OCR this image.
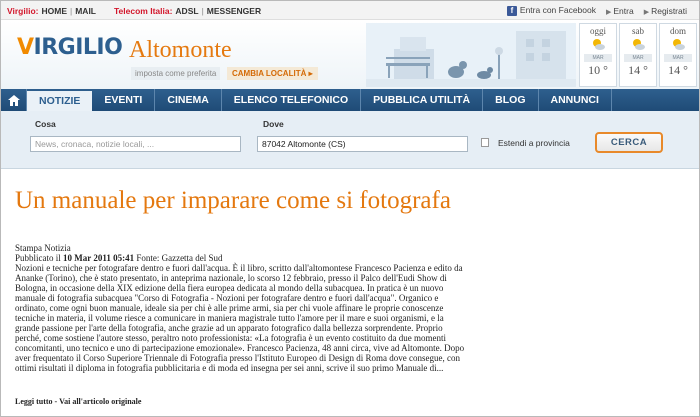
Virgilio: HOME | MAIL Telecom Italia: ADSL | MESSENGER	f Entra con Facebook ▶ Entra ▶ Registrati
VIRGILIO Altomonte
imposta come preferita	CAMBIA LOCALITÀ ▸
oggi
MAR
10 °
sab
MAR
14 °
dom
MAR
14 °
NOTIZIE	EVENTI	CINEMA	ELENCO TELEFONICO	PUBBLICA UTILITÀ	BLOG	ANNUNCI
Cosa
News, cronaca, notizie locali, ...
Dove
87042 Altomonte (CS)	Estendi a provincia	CERCA
Un manuale per imparare come si fotografa
Stampa Notizia
Pubblicato il 10 Mar 2011 05:41 Fonte: Gazzetta del Sud
Nozioni e tecniche per fotografare dentro e fuori dall'acqua. È il libro, scritto dall'altomontese Francesco Pacienza e edito da Ananke (Torino), che è stato presentato, in anteprima nazionale, lo scorso 12 febbraio, presso il Palco dell'Eudi Show di Bologna, in occasione della XIX edizione della fiera europea dedicata al mondo della subacquea. In pratica è un nuovo manuale di fotografia subacquea "Corso di Fotografia - Nozioni per fotografare dentro e fuori dall'acqua". Organico e ordinato, come ogni buon manuale, ideale sia per chi è alle prime armi, sia per chi vuole affinare le proprie conoscenze tecniche in materia, il volume riesce a comunicare in maniera magistrale tutto l'amore per il mare e suoi organismi, e la grande passione per l'arte della fotografia, anche grazie ad un apparato fotografico dalla bellezza sorprendente. Proprio perché, come sostiene l'autore stesso, peraltro noto professionista: «La fotografia è un evento costituito da due momenti concomitanti, uno tecnico e uno di partecipazione emozionale». Francesco Pacienza, 48 anni circa, vive ad Altomonte. Dopo aver frequentato il Corso Superiore Triennale di Fotografia presso l'Istituto Europeo di Design di Roma dove consegue, con ottimi risultati il diploma in fotografia pubblicitaria e di moda ed insegna per sei anni, scrive il suo primo Manuale di...
Leggi tutto - Vai all'articolo originale
